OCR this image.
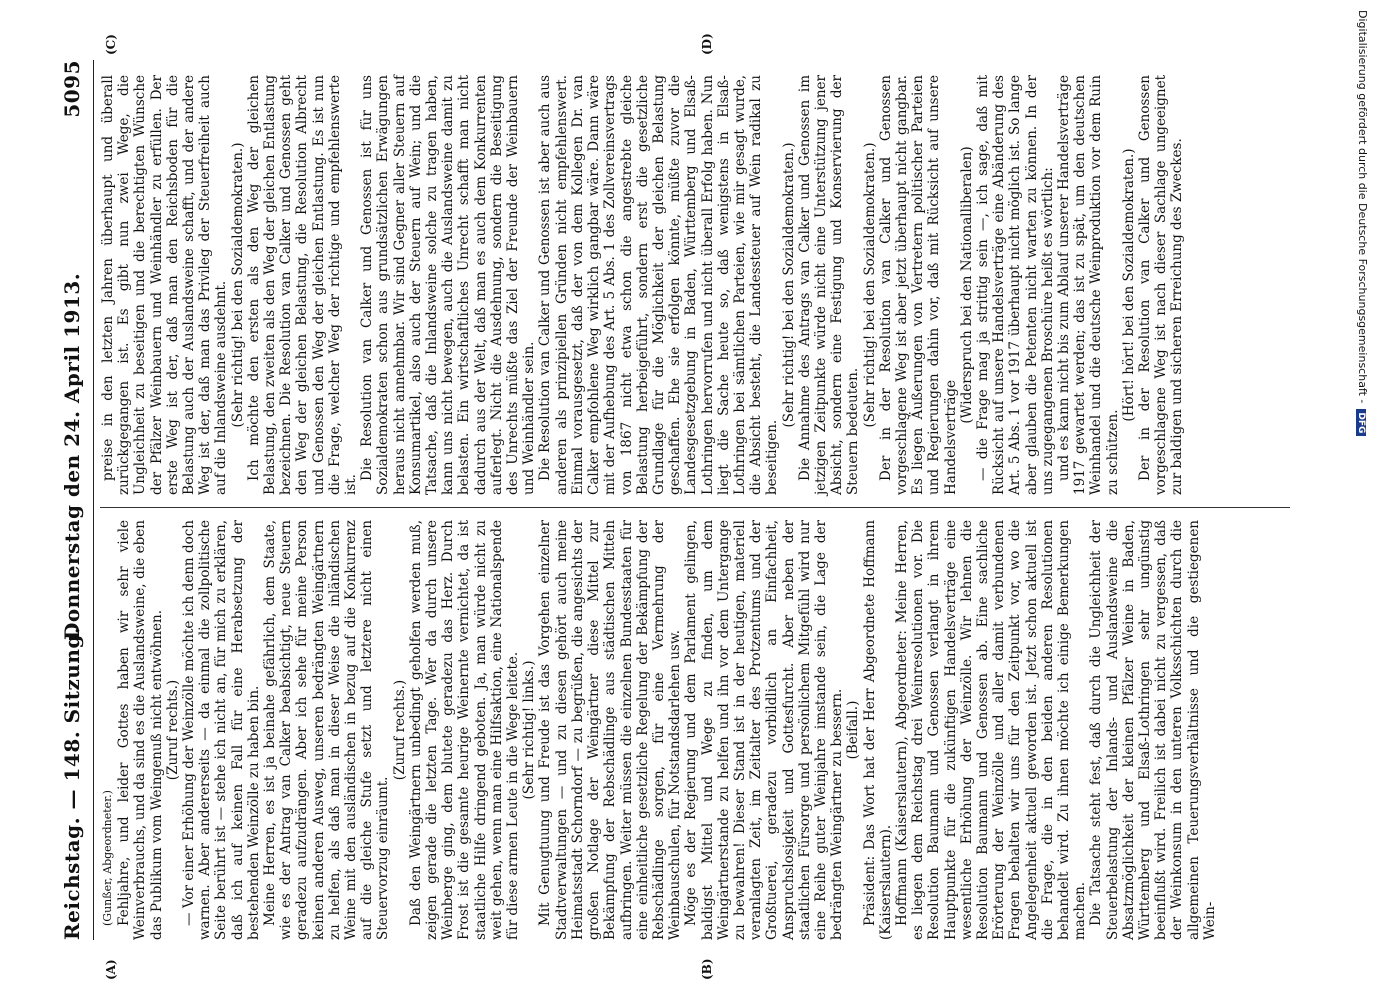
Reichstag. — 148. Sitzung.
Donnerstag den 24. April 1913.
5095
(A)	(B)
(C)	(D)

(Gunßer, Abgeordneter.) Fehljahre, und leider Gottes haben wir sehr viele Weinverbrauchs, und da sind es die Auslandsweine, die eben das Publikum vom Weingenuß nicht entwöhnen. (Zuruf rechts.) — Vor einer Erhöhung der Weinzölle möchte ich denn doch warnen. Aber andererseits — da einmal die zollpolitische Seite berührt ist — stehe ich nicht an, für mich zu erklären, daß ich auf keinen Fall für eine Herabsetzung der bestehenden Weinzölle zu haben bin. Meine Herren, es ist ja beinahe gefährlich, dem Staate, wie es der Antrag van Calker beabsichtigt, neue Steuern geradezu aufzudrängen. Aber ich sehe für meine Person keinen anderen Ausweg, unseren bedrängten Weingärtnern zu helfen, als daß man in dieser Weise die inländischen Weine mit den ausländischen in bezug auf die Konkurrenz auf die gleiche Stufe setzt und letztere nicht einen Steuervorzug einräumt.

(Zuruf rechts.) Daß den Weingärtnern unbedingt geholfen werden muß, zeigen gerade die letzten Tage. Wer da durch unsere Weinberge ging, dem blutete geradezu das Herz. Durch Frost ist die gesamte heurige Weinernte vernichtet, da ist staatliche Hilfe dringend geboten. Ja, man würde nicht zu weit gehen, wenn man eine Hilfsaktion, eine Nationalspende für diese armen Leute in die Wege leitete. (Sehr richtig! links.) Mit Genugtuung und Freude ist das Vorgehen einzelner Stadtverwaltungen — und zu diesen gehört auch meine Heimatsstadt Schorndorf — zu begrüßen, die angesichts der großen Notlage der Weingärtner diese Mittel zur Bekämpfung der Rebschädlinge aus städtischen Mitteln aufbringen. Weiter müssen die einzelnen Bundesstaaten für eine einheitliche gesetzliche Regelung der Bekämpfung der Rebschädlinge sorgen, für eine Vermehrung der Weinbauschulen, für Notstandsdarlehen usw. Möge es der Regierung und dem Parlament gelingen, baldigst Mittel und Wege zu finden, um dem Weingärtnerstande zu helfen und ihn vor dem Untergange zu bewahren! Dieser Stand ist in der heutigen, materiell veranlagten Zeit, im Zeitalter des Protzentums und der Großtuerei, geradezu vorbildlich an Einfachheit, Anspruchslosigkeit und Gottesfurcht. Aber neben der staatlichen Fürsorge und persönlichem Mitgefühl wird nur eine Reihe guter Weinjahre imstande sein, die Lage der bedrängten Weingärtner zu bessern. (Beifall.) Präsident: Das Wort hat der Herr Abgeordnete Hoffmann (Kaiserslautern). Hoffmann (Kaiserslautern), Abgeordneter: Meine Herren, es liegen dem Reichstag drei Weinresolutionen vor. Die Resolution Baumann und Genossen verlangt in ihrem Hauptpunkte für die zukünftigen Handelsverträge eine wesentliche Erhöhung der Weinzölle. Wir lehnen die Resolution Baumann und Genossen ab. Eine sachliche Erörterung der Weinzölle und aller damit verbundenen Fragen behalten wir uns für den Zeitpunkt vor, wo die Angelegenheit aktuell geworden ist. Jetzt schon aktuell ist die Frage, die in den beiden anderen Resolutionen behandelt wird. Zu ihnen möchte ich einige Bemerkungen machen. Die Tatsache steht fest, daß durch die Ungleichheit der Steuerbelastung der Inlands- und Auslandsweine die Absatzmöglichkeit der kleinen Pfälzer Weine in Baden, Württemberg und Elsaß-Lothringen sehr ungünstig beeinflußt wird. Freilich ist dabei nicht zu vergessen, daß der Weinkonsum in den unteren Volksschichten durch die allgemeinen Teuerungsverhältnisse und die gestiegenen Wein-

preise in den letzten Jahren überhaupt und überall zurückgegangen ist. Es gibt nun zwei Wege, die Ungleichheit zu beseitigen und die berechtigten Wünsche der Pfälzer Weinbauern und Weinhändler zu erfüllen. Der erste Weg ist der, daß man den Reichsboden für die Belastung auch der Auslandsweine schafft, und der andere Weg ist der, daß man das Privileg der Steuerfreiheit auch auf die Inlandsweine ausdehnt. (Sehr richtig! bei den Sozialdemokraten.) Ich möchte den ersten als den Weg der gleichen Belastung, den zweiten als den Weg der gleichen Entlastung bezeichnen. Die Resolution van Calker und Genossen geht den Weg der gleichen Belastung, die Resolution Albrecht und Genossen den Weg der gleichen Entlastung. Es ist nun die Frage, welcher Weg der richtige und empfehlenswerte ist.

Die Resolution van Calker und Genossen ist für uns Sozialdemokraten schon aus grundsätzlichen Erwägungen heraus nicht annehmbar. Wir sind Gegner aller Steuern auf Konsumartikel, also auch der Steuern auf Wein; und die Tatsache, daß die Inlandsweine solche zu tragen haben, kann uns nicht bewegen, auch die Auslandsweine damit zu belasten. Ein wirtschaftliches Unrecht schafft man nicht dadurch aus der Welt, daß man es auch dem Konkurrenten auferlegt. Nicht die Ausdehnung, sondern die Beseitigung des Unrechts müßte das Ziel der Freunde der Weinbauern und Weinhändler sein. Die Resolution van Calker und Genossen ist aber auch aus anderen als prinzipiellen Gründen nicht empfehlenswert. Einmal vorausgesetzt, daß der von dem Kollegen Dr. van Calker empfohlene Weg wirklich gangbar wäre. Dann wäre mit der Aufhebung des Art. 5 Abs. 1 des Zollvereinsvertrags von 1867 nicht etwa schon die angestrebte gleiche Belastung herbeigeführt, sondern erst die gesetzliche Grundlage für die Möglichkeit der gleichen Belastung geschaffen. Ehe sie erfolgen könnte, müßte zuvor die Landesgesetzgebung in Baden, Württemberg und Elsaß-Lothringen hervorrufen und nicht überall Erfolg haben. Nun liegt die Sache heute so, daß wenigstens in Elsaß-Lothringen bei sämtlichen Parteien, wie mir gesagt wurde, die Absicht besteht, die Landessteuer auf Wein radikal zu beseitigen.

(Sehr richtig! bei den Sozialdemokraten.) Die Annahme des Antrags van Calker und Genossen im jetzigen Zeitpunkte würde nicht eine Unterstützung jener Absicht, sondern eine Festigung und Konservierung der Steuern bedeuten.

(Sehr richtig! bei den Sozialdemokraten.) Der in der Resolution van Calker und Genossen vorgeschlagene Weg ist aber jetzt überhaupt nicht gangbar. Es liegen Äußerungen von Vertretern politischer Parteien und Regierungen dahin vor, daß mit Rücksicht auf unsere Handelsverträge

(Widerspruch bei den Nationalliberalen) — die Frage mag ja strittig sein —, ich sage, daß mit Rücksicht auf unsere Handelsverträge eine Abänderung des Art. 5 Abs. 1 vor 1917 überhaupt nicht möglich ist. So lange aber glauben die Petenten nicht warten zu können. In der uns zugegangenen Broschüre heißt es wörtlich: und es kann nicht bis zum Ablauf unserer Handelsverträge 1917 gewartet werden; das ist zu spät, um den deutschen Weinhandel und die deutsche Weinproduktion vor dem Ruin zu schützen.

(Hört! hört! bei den Sozialdemokraten.) Der in der Resolution van Calker und Genossen vorgeschlagene Weg ist nach dieser Sachlage ungeeignet zur baldigen und sicheren Erreichung des Zweckes.	Digitalisierung gefördert durch die Deutsche Forschungsgemeinschaft -DFG
